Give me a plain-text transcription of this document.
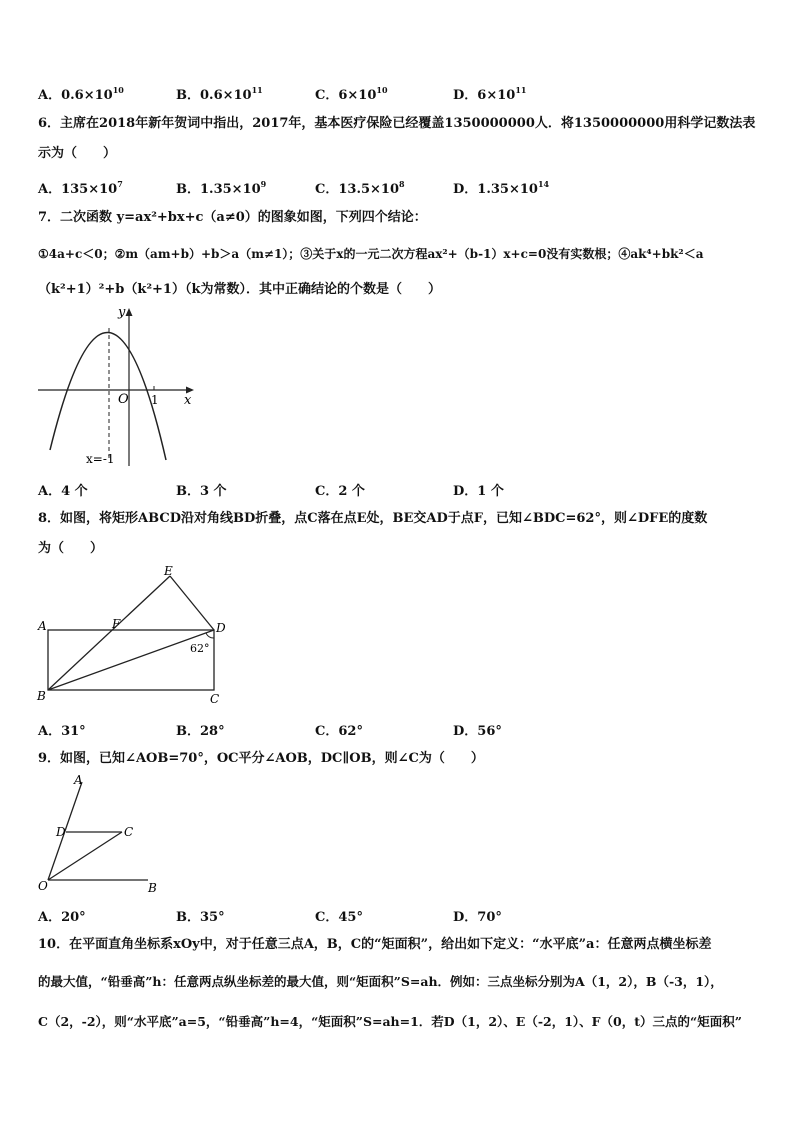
A．$0.6\times 10^{10}$	B．$0.6\times 10^{11}$	C．$6\times 10^{10}$	D．$6\times 10^{11}$
6．主席在2018年新年贺词中指出，2017年，基本医疗保险已经覆盖1350000000人．将1350000000用科学记数法表
示为（　　）
A．$135\times 10^7$	B．$1.35\times 10^9$	C．$13.5\times 10^8$	D．$1.35\times 10^{14}$
7．二次函数 y=ax²+bx+c（a≠0）的图象如图，下列四个结论：
①4a+c＜0；②m（am+b）+b＞a（m≠1）；③关于x的一元二次方程ax²+（b-1）x+c=0没有实数根；④ak⁴+bk²＜a
（k²+1）²+b（k²+1）（k为常数）．其中正确结论的个数是（　　）
y
x
O 1
x=-1
A．4 个	B．3 个	C．2 个	D．1 个
8．如图，将矩形ABCD沿对角线BD折叠，点C落在点E处，BE交AD于点F，已知∠BDC=62°，则∠DFE的度数
为（　　）
A
B	C
D
E
F
62°
A．31°	B．28°	C．62°	D．56°
9．如图，已知∠AOB=70°，OC平分∠AOB，DC∥OB，则∠C为（　　）
A
B
C
D
O
A．20°	B．35°	C．45°	D．70°
10．在平面直角坐标系xOy中，对于任意三点A，B，C的“矩面积”，给出如下定义：“水平底”a：任意两点横坐标差
的最大值，“铅垂高”h：任意两点纵坐标差的最大值，则“矩面积”S=ah．例如：三点坐标分别为A（1，2），B（-3，1），
C（2，-2），则“水平底”a=5，“铅垂高”h=4，“矩面积”S=ah=1．若D（1，2）、E（-2，1）、F（0，t）三点的“矩面积”
